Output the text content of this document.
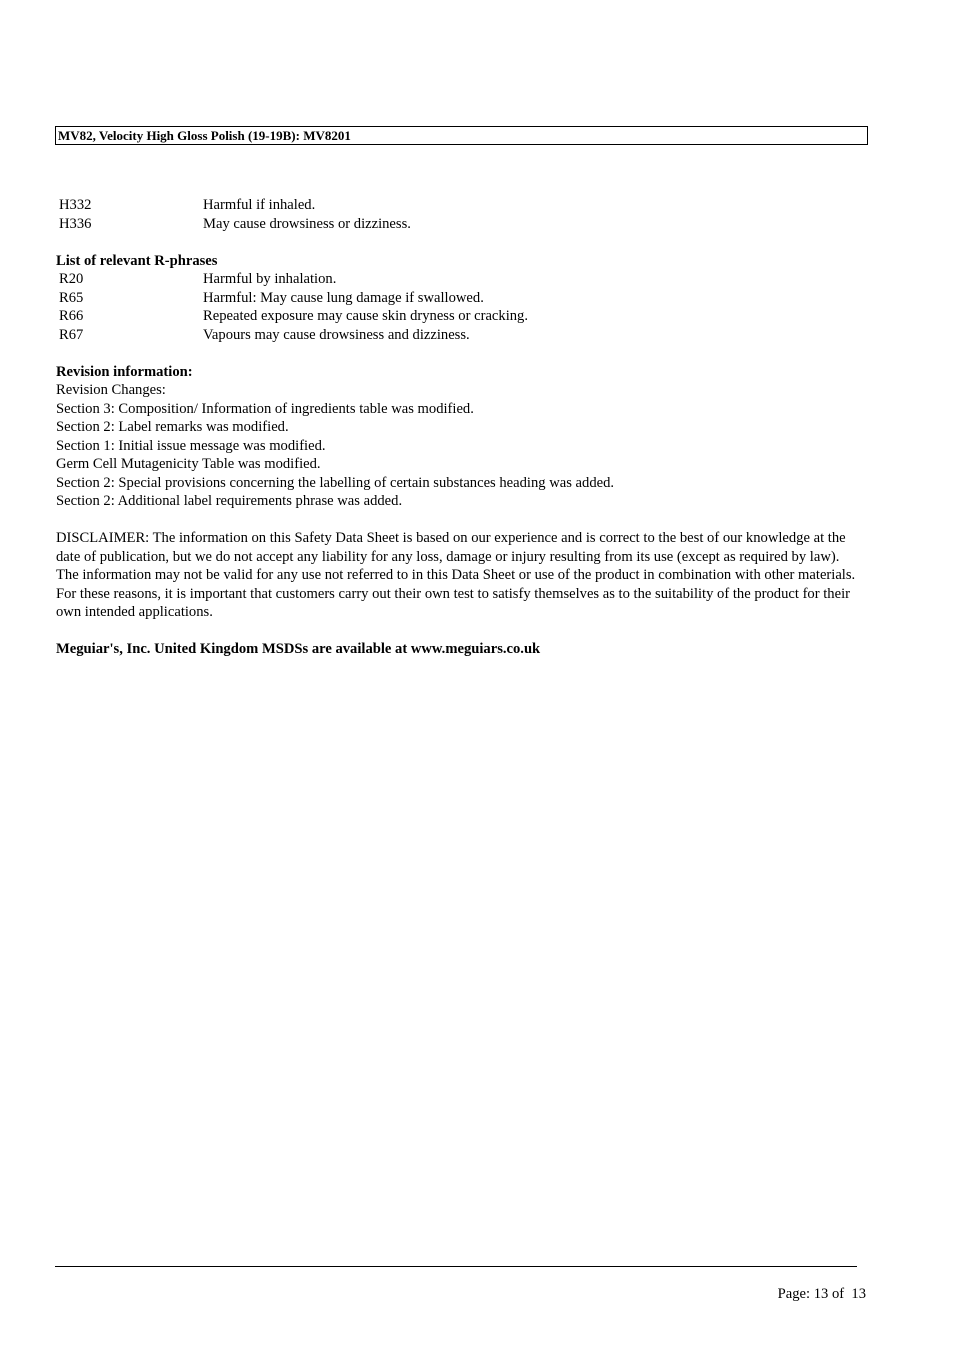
MV82, Velocity High Gloss Polish (19-19B): MV8201
H332	Harmful if inhaled.
H336	May cause drowsiness or dizziness.
List of relevant R-phrases
R20	Harmful by inhalation.
R65	Harmful: May cause lung damage if swallowed.
R66	Repeated exposure may cause skin dryness or cracking.
R67	Vapours may cause drowsiness and dizziness.
Revision information:
Revision Changes:
Section 3: Composition/ Information of ingredients table was modified.
Section 2: Label remarks was modified.
Section 1: Initial issue message was modified.
Germ Cell Mutagenicity Table was modified.
Section 2: Special provisions concerning the labelling of certain substances heading was added.
Section 2: Additional label requirements phrase was added.

DISCLAIMER: The information on this Safety Data Sheet is based on our experience and is correct to the best of our knowledge at the date of publication, but we do not accept any liability for any loss, damage or injury resulting from its use (except as required by law). The information may not be valid for any use not referred to in this Data Sheet or use of the product in combination with other materials. For these reasons, it is important that customers carry out their own test to satisfy themselves as to the suitability of the product for their own intended applications.

Meguiar's, Inc. United Kingdom MSDSs are available at www.meguiars.co.uk
Page: 13 of  13
